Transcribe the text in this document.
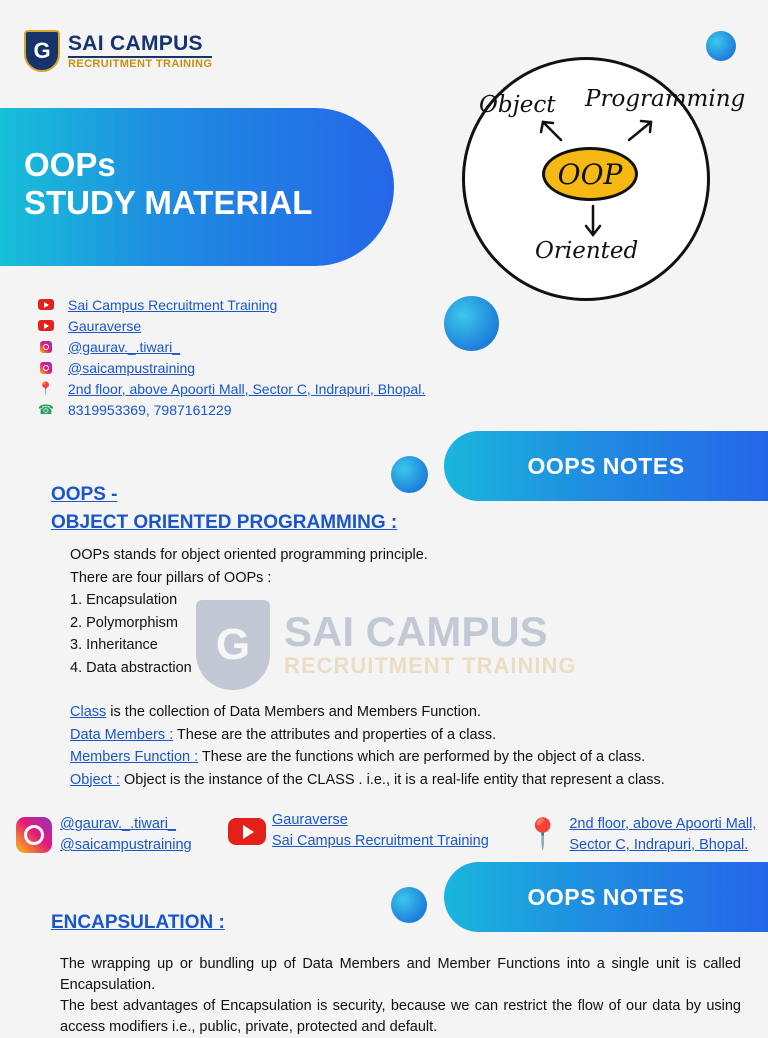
G SAI CAMPUS
RECRUITMENT TRAINING
OOPs
STUDY MATERIAL
Object Programming
OOP
Oriented
Sai Campus Recruitment Training
Gauraverse
@gaurav._.tiwari_
@saicampustraining
📍 2nd floor, above Apoorti Mall, Sector C, Indrapuri, Bhopal.
☎ 8319953369, 7987161229
OOPS NOTES
OOPS -
OBJECT ORIENTED PROGRAMMING :
G SAI CAMPUS
RECRUITMENT TRAINING
OOPs stands for object oriented programming principle.
There are four pillars of OOPs :
1. Encapsulation
2. Polymorphism
3. Inheritance
4. Data abstraction
Class is the collection of Data Members and Members Function.
Data Members : These are the attributes and properties of a class.
Members Function : These are the functions which are performed by the object of a class.
Object : Object is the instance of the CLASS . i.e., it is a real-life entity that represent a class.
@gaurav._.tiwari_
@saicampustraining
Gauraverse
Sai Campus Recruitment Training 📍 2nd floor, above Apoorti Mall,
Sector C, Indrapuri, Bhopal.
OOPS NOTES
ENCAPSULATION :
The wrapping up or bundling up of Data Members and Member Functions into a single unit is called Encapsulation.
The best advantages of Encapsulation is security, because we can restrict the flow of our data by using access modifiers i.e., public, private, protected and default.
